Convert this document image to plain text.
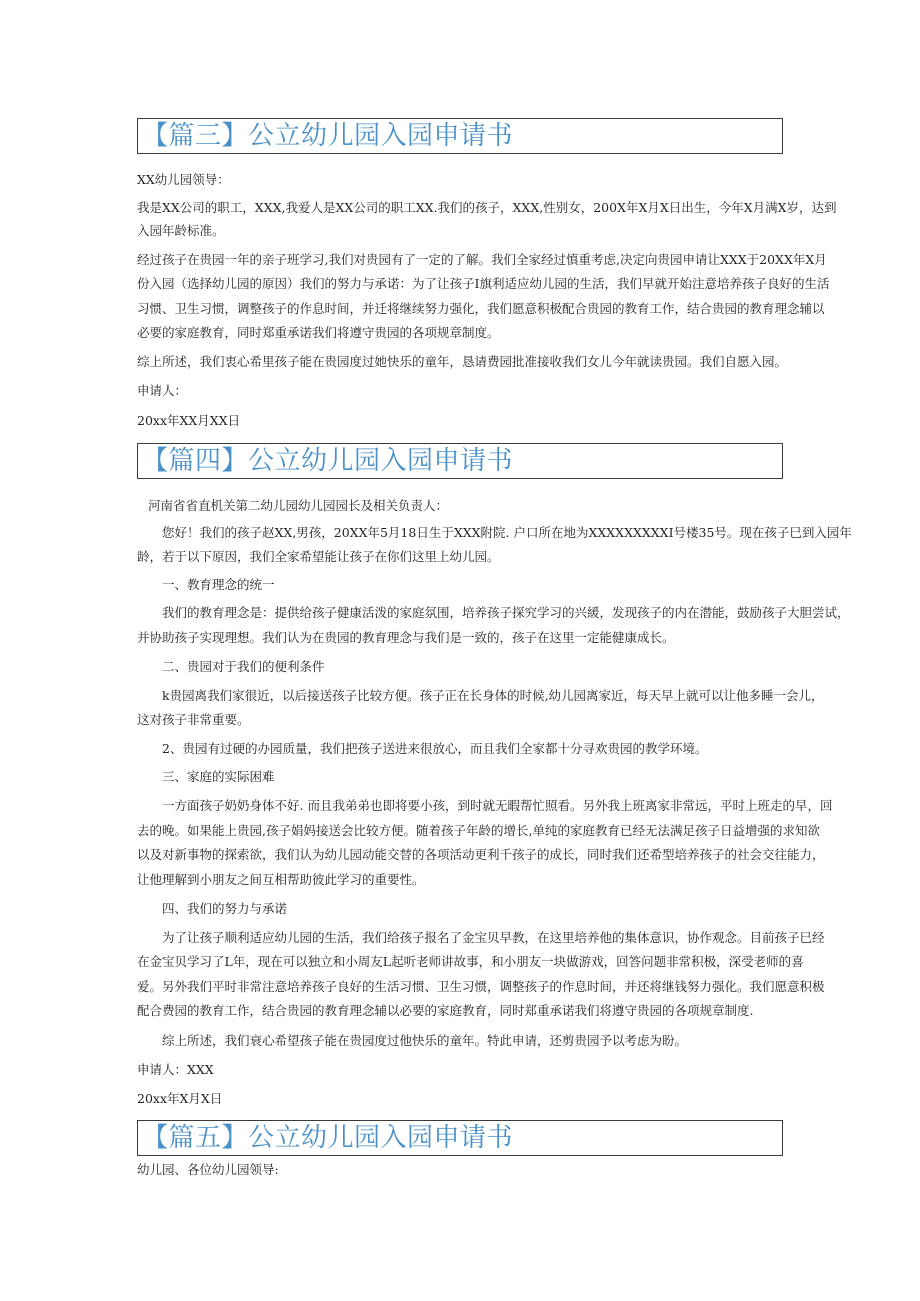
【篇三】公立幼儿园入园申请书
XX幼儿园领导：
我是XX公司的职工，XXX,我爱人是XX公司的职工XX.我们的孩子，XXX,性别女，200X年X月X日出生，今年X月满X岁，达到
入园年龄标准。
经过孩子在贵园一年的亲子班学习,我们对贵园有了一定的了解。我们全家经过慎重考虑,决定向贵园申请让XXX于20XX年X月
份入园（选择幼儿园的原因）我们的努力与承诺：为了让孩子I旗利适应幼儿园的生活，我们早就开始注意培养孩子良好的生活
习惯、卫生习惯，调整孩子的作息时间，并迁将继续努力强化，我们愿意积极配合贵园的教育工作，结合贵园的教育理念辅以
必要的家庭教育，同时郑重承诺我们将遵守贵园的各项规章制度。
综上所述，我们衷心希里孩子能在贵园度过她快乐的童年，恳请费园批准接收我们女儿今年就读贵园。我们自愿入园。
申请人：
20xx年XX月XX日
【篇四】公立幼儿园入园申请书
河南省省直机关第二幼儿园幼儿园园长及相关负责人：
您好！我们的孩子赵XX,男孩，20XX年5月18日生于XXX附院. 户口所在地为XXXXXXXXXI号楼35号。现在孩子巳到入园年
龄，若于以下原因，我们全家希望能让孩子在你们这里上幼儿园。
一、教育理念的统一
我们的教育理念是：提供给孩子健康活泼的家庭氛围，培养孩子探究学习的兴緩，发现孩子的内在潜能，鼓励孩子大胆尝试，
并协助孩子实现理想。我们认为在贵园的教育理念与我们是一致的，孩子在这里一定能健康成长。
二、贵园对于我们的便利条件
k贵园离我们家很近，以后接送孩子比较方便。孩子正在长身体的时候,幼儿园离家近，每天早上就可以让他多睡一会儿，
这对孩子非常重要。
2、贵园有过硬的办园质量，我们把孩子送进来很放心，而且我们全家都十分寻欢贵园的教学环境。
三、家庭的实际困难
一方面孩子奶奶身体不好. 而且我弟弟也即将要小孩，到时就无暇帮忙照看。另外我上班离家非常远，平时上班走的早，回
去的晚。如果能上贵园,孩子娟妈接送会比较方便。随着孩子年龄的增长,单纯的家庭教育已经无法满足孩子日益增强的求知欲
以及对新事物的探索欲，我们认为幼儿园动能交替的各项活动更利千孩子的成长，同时我们还希型培养孩子的社会交往能力，
让他理解到小朋友之间互相帮助彼此学习的重要性。
四、我们的努力与承诺
为了让孩子顺利适应幼儿园的生活，我们给孩子报名了金宝贝早教，在这里培养他的集体意识，协作观念。目前孩子巳经
在金宝贝学习了L年，现在可以独立和小周友L起听老师讲故事，和小朋友一块做游戏，回答问题非常积极，深受老师的喜
爱。另外我们平时非常注意培养孩子良好的生活习惯、卫生习惯，调整孩子的作息时间，并还将继钱努力强化。我们愿意积极
配合费园的教育工作，结合贵园的教育理念辅以必要的家庭教育，同时郑重承诺我们将遵守贵园的各项规章制度.
综上所述，我们衰心希望孩子能在贵园度过他快乐的童年。特此申请，还剪贵园予以考虑为盼。
申请人：XXX
20xx年X月X日
【篇五】公立幼儿园入园申请书
幼儿园、各位幼儿园领导:
